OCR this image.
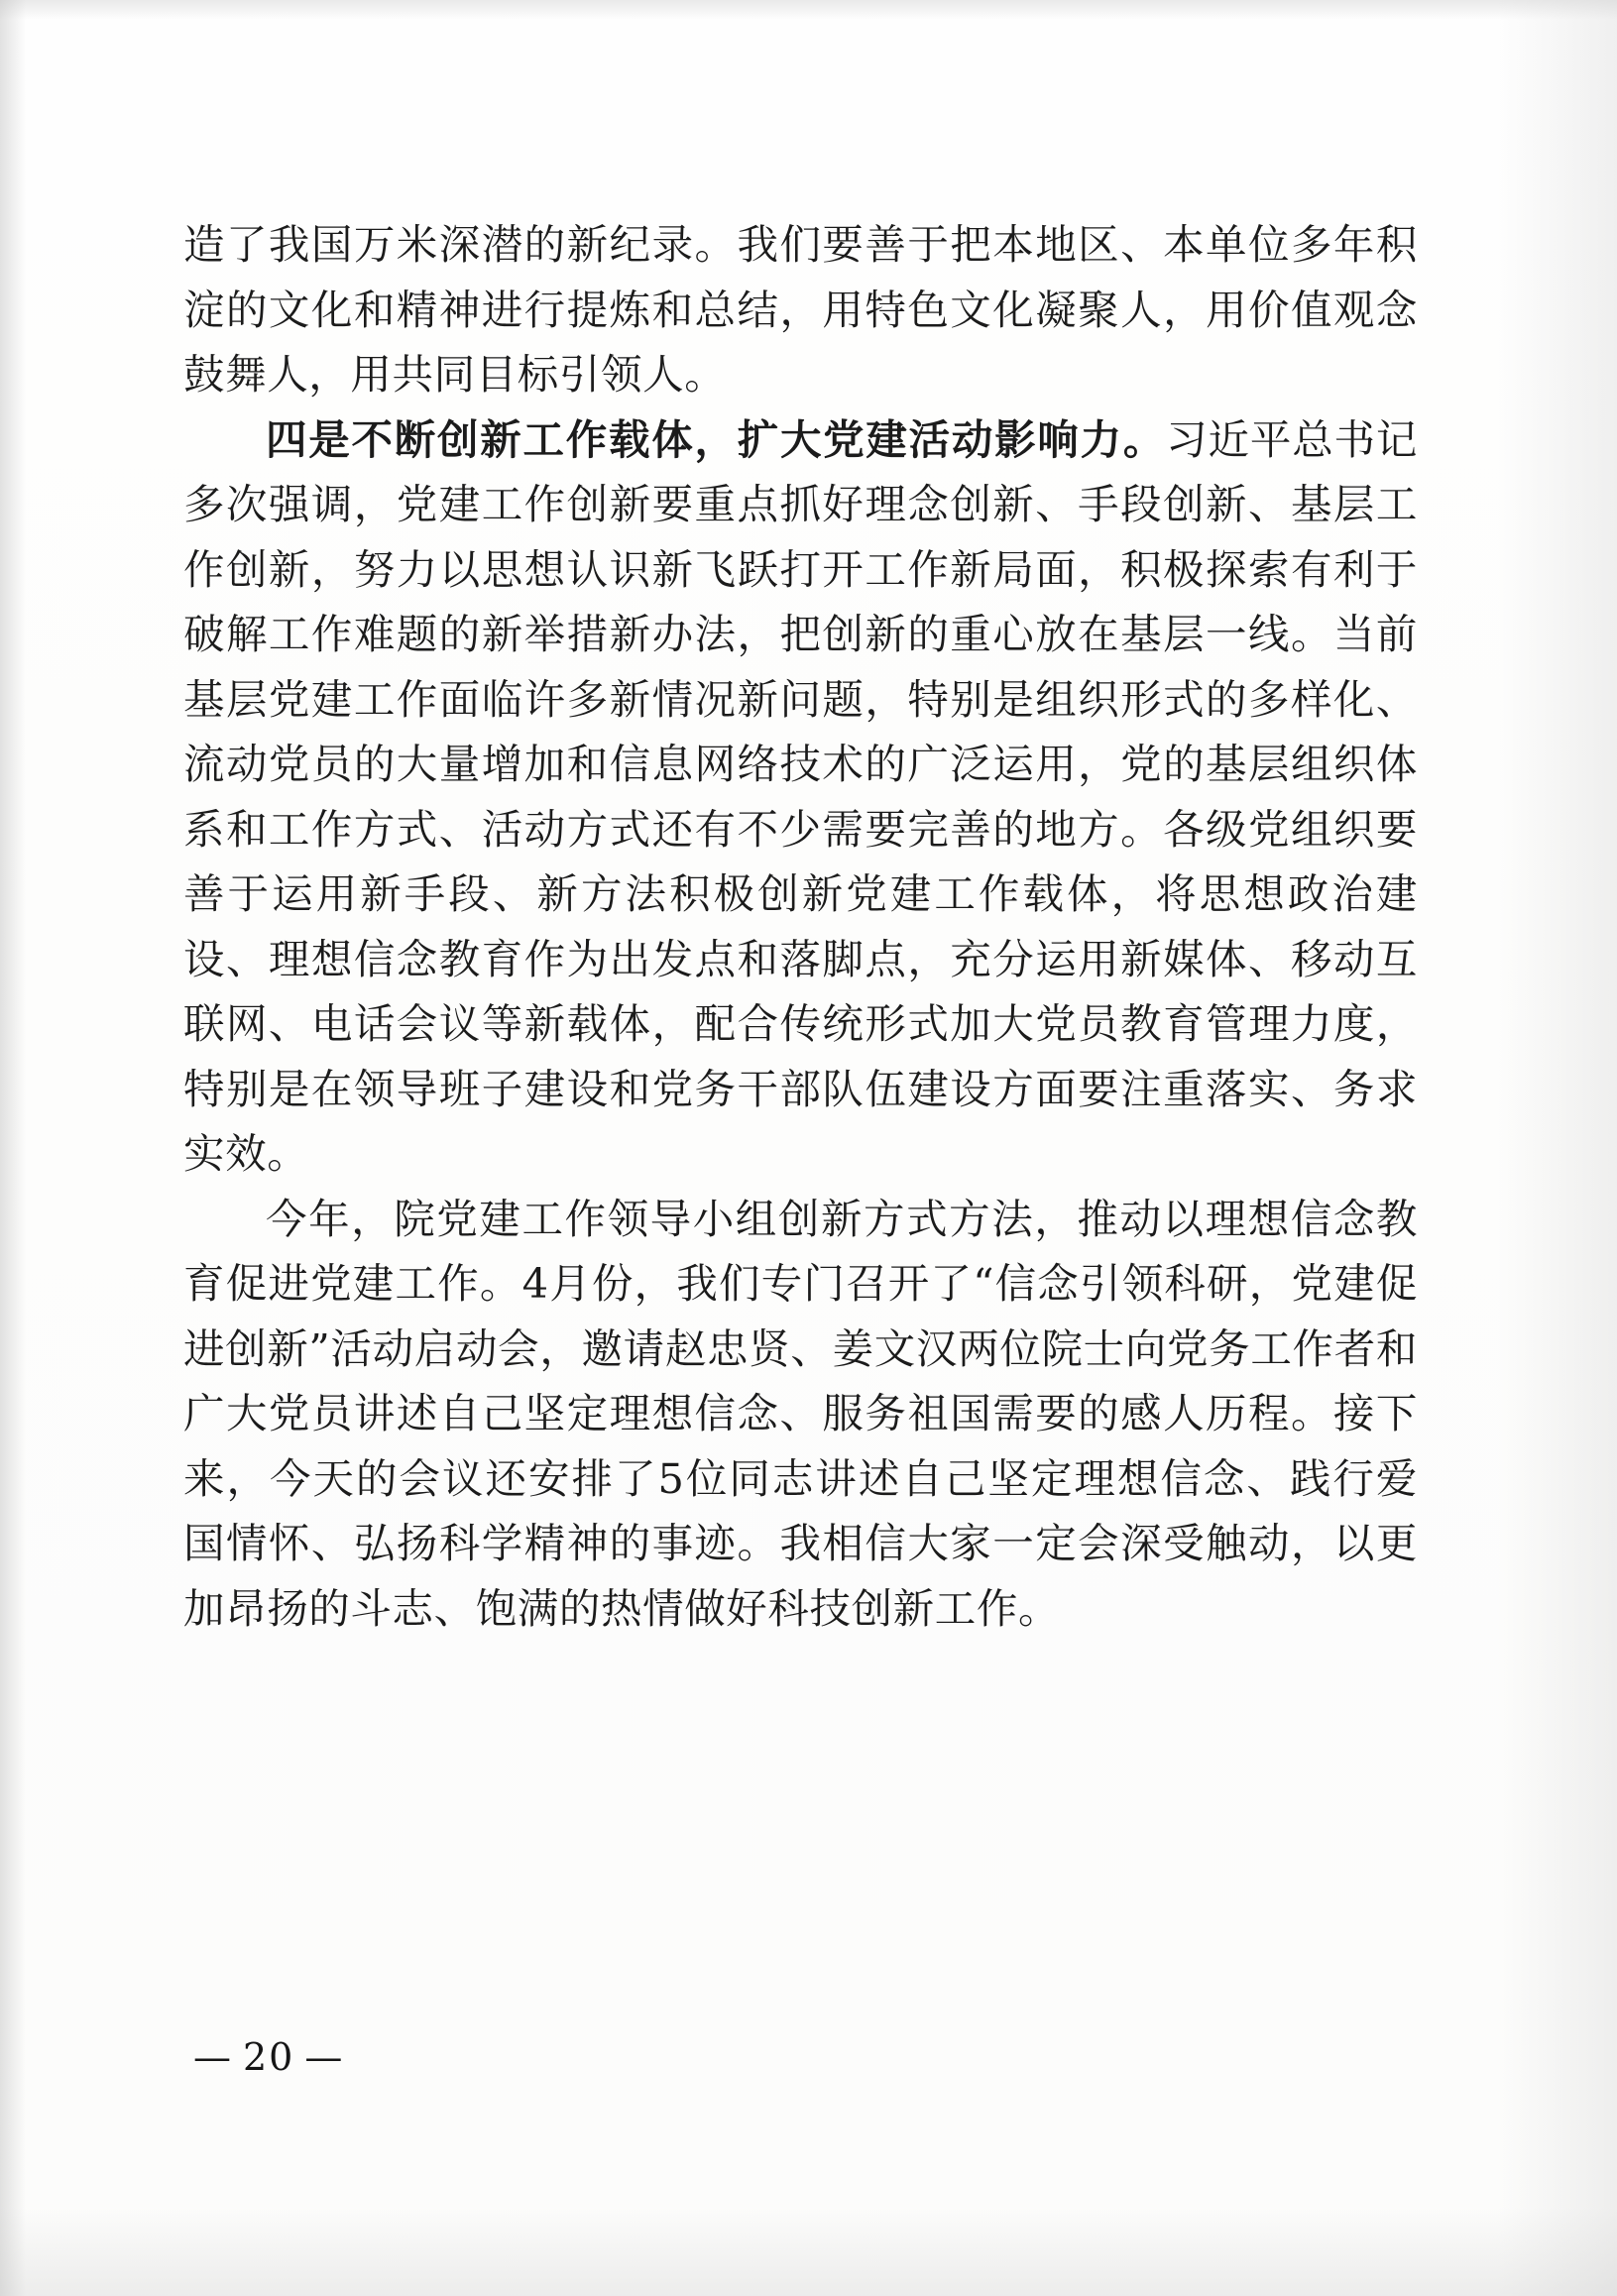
造了我国万米深潜的新纪录。我们要善于把本地区、本单位多年积淀的文化和精神进行提炼和总结，用特色文化凝聚人，用价值观念鼓舞人，用共同目标引领人。

四是不断创新工作载体，扩大党建活动影响力。习近平总书记多次强调，党建工作创新要重点抓好理念创新、手段创新、基层工作创新，努力以思想认识新飞跃打开工作新局面，积极探索有利于破解工作难题的新举措新办法，把创新的重心放在基层一线。当前基层党建工作面临许多新情况新问题，特别是组织形式的多样化、流动党员的大量增加和信息网络技术的广泛运用，党的基层组织体系和工作方式、活动方式还有不少需要完善的地方。各级党组织要善于运用新手段、新方法积极创新党建工作载体，将思想政治建设、理想信念教育作为出发点和落脚点，充分运用新媒体、移动互联网、电话会议等新载体，配合传统形式加大党员教育管理力度，特别是在领导班子建设和党务干部队伍建设方面要注重落实、务求实效。

今年，院党建工作领导小组创新方式方法，推动以理想信念教育促进党建工作。4月份，我们专门召开了“信念引领科研，党建促进创新”活动启动会，邀请赵忠贤、姜文汉两位院士向党务工作者和广大党员讲述自己坚定理想信念、服务祖国需要的感人历程。接下来，今天的会议还安排了5位同志讲述自己坚定理想信念、践行爱国情怀、弘扬科学精神的事迹。我相信大家一定会深受触动，以更加昂扬的斗志、饱满的热情做好科技创新工作。

— 20 —
